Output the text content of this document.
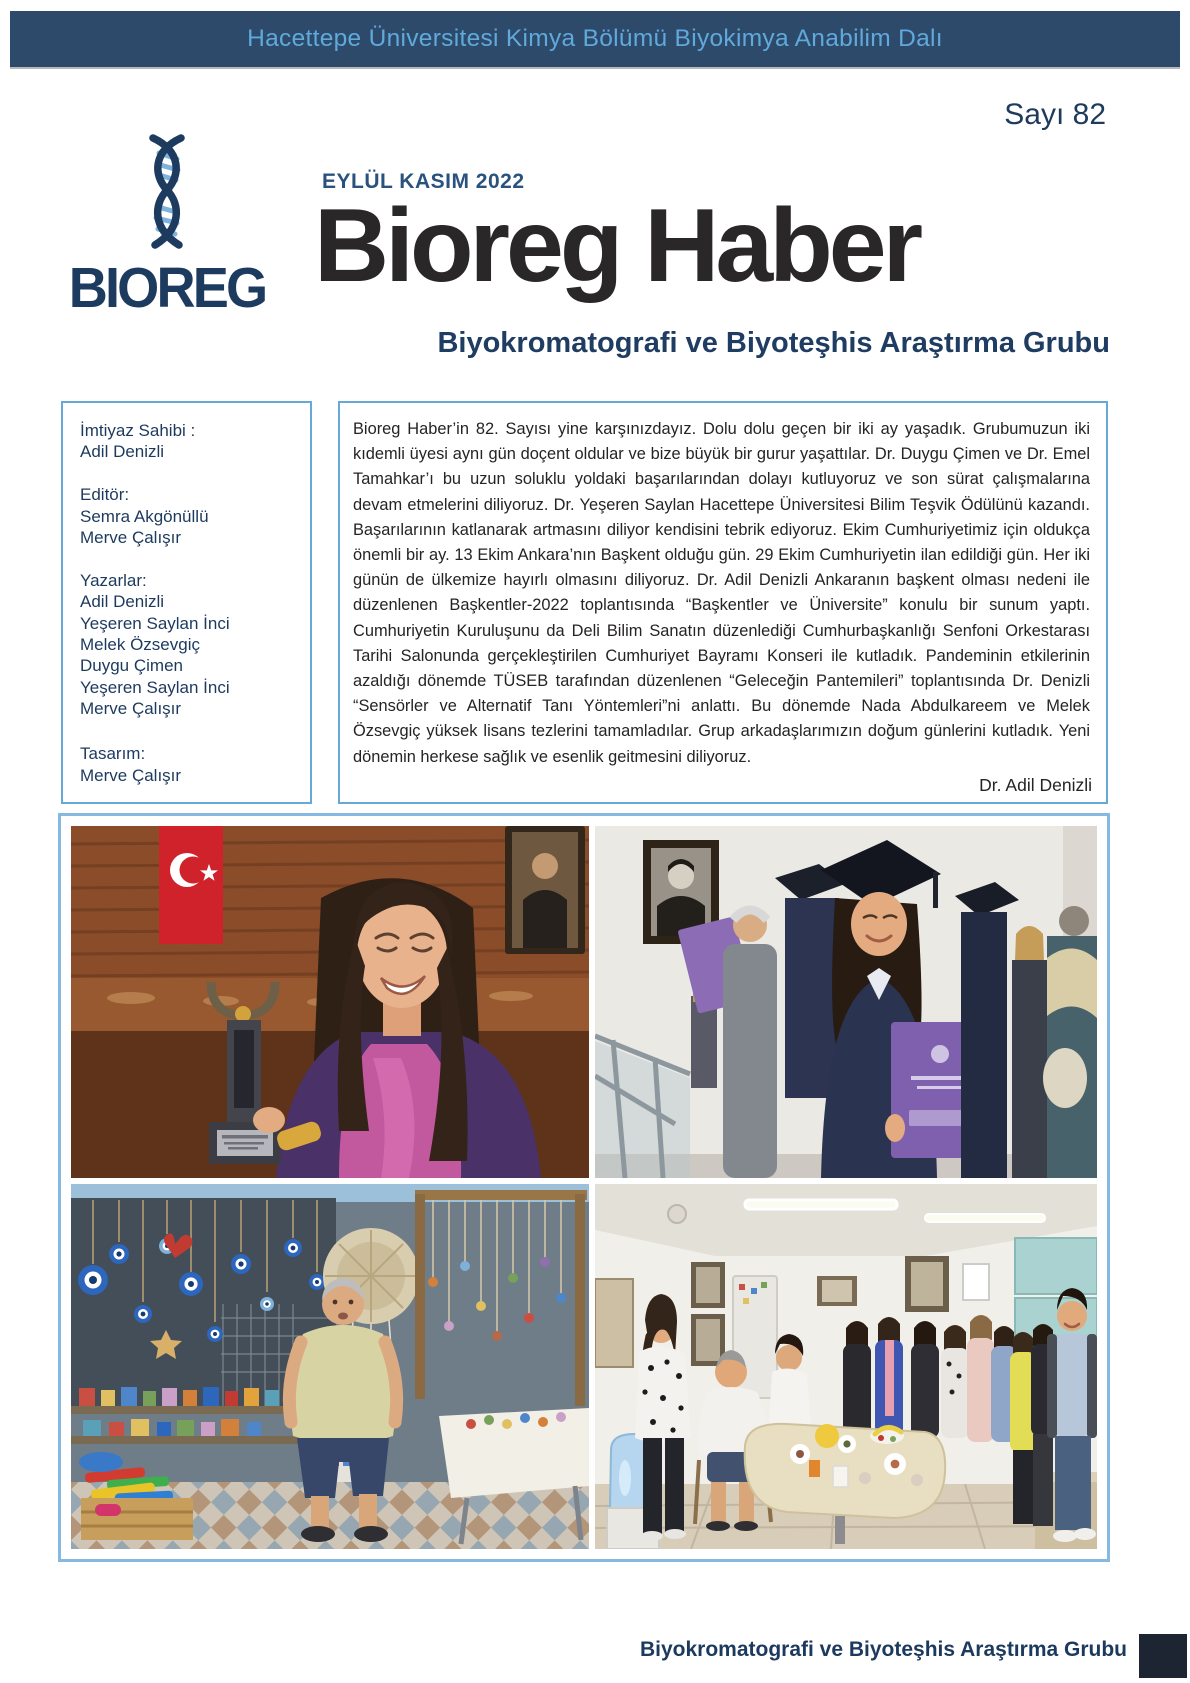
Hacettepe Üniversitesi Kimya Bölümü Biyokimya Anabilim Dalı
Sayı 82
BIOREG
EYLÜL KASIM 2022
Bioreg Haber
Biyokromatografi ve Biyoteşhis Araştırma Grubu
İmtiyaz Sahibi :
Adil Denizli
Editör:
Semra Akgönüllü
Merve Çalışır
Yazarlar:
Adil Denizli
Yeşeren Saylan İnci
Melek Özsevgiç
Duygu Çimen
Yeşeren Saylan İnci
Merve Çalışır
Tasarım:
Merve Çalışır

Bioreg Haber’in 82. Sayısı yine karşınızdayız. Dolu dolu geçen bir iki ay yaşadık. Grubumuzun iki kıdemli üyesi aynı gün doçent oldular ve bize büyük bir gurur yaşattılar. Dr. Duygu Çimen ve Dr. Emel Tamahkar’ı bu uzun soluklu yoldaki başarılarından dolayı kutluyoruz ve son sürat çalışmalarına devam etmelerini diliyoruz. Dr. Yeşeren Saylan Hacettepe Üniversitesi Bilim Teşvik Ödülünü kazandı. Başarılarının katlanarak artmasını diliyor kendisini tebrik ediyoruz. Ekim Cumhuriyetimiz için oldukça önemli bir ay. 13 Ekim Ankara’nın Başkent olduğu gün. 29 Ekim Cumhuriyetin ilan edildiği gün. Her iki günün de ülkemize hayırlı olmasını diliyoruz. Dr. Adil Denizli Ankaranın başkent olması nedeni ile düzenlenen Başkentler-2022 toplantısında “Başkentler ve Üniversite” konulu bir sunum yaptı. Cumhuriyetin Kuruluşunu da Deli Bilim Sanatın düzenlediği Cumhurbaşkanlığı Senfoni Orkestarası Tarihi Salonunda gerçekleştirilen Cumhuriyet Bayramı Konseri ile kutladık. Pandeminin etkilerinin azaldığı dönemde TÜSEB tarafından düzenlenen “Geleceğin Pantemileri” toplantısında Dr. Denizli “Sensörler ve Alternatif Tanı Yöntemleri”ni anlattı. Bu dönemde Nada Abdulkareem ve Melek Özsevgiç yüksek lisans tezlerini tamamladılar. Grup arkadaşlarımızın doğum günlerini kutladık. Yeni dönemin herkese sağlık ve esenlik geitmesini diliyoruz.

Dr. Adil Denizli
Biyokromatografi ve Biyoteşhis Araştırma Grubu
